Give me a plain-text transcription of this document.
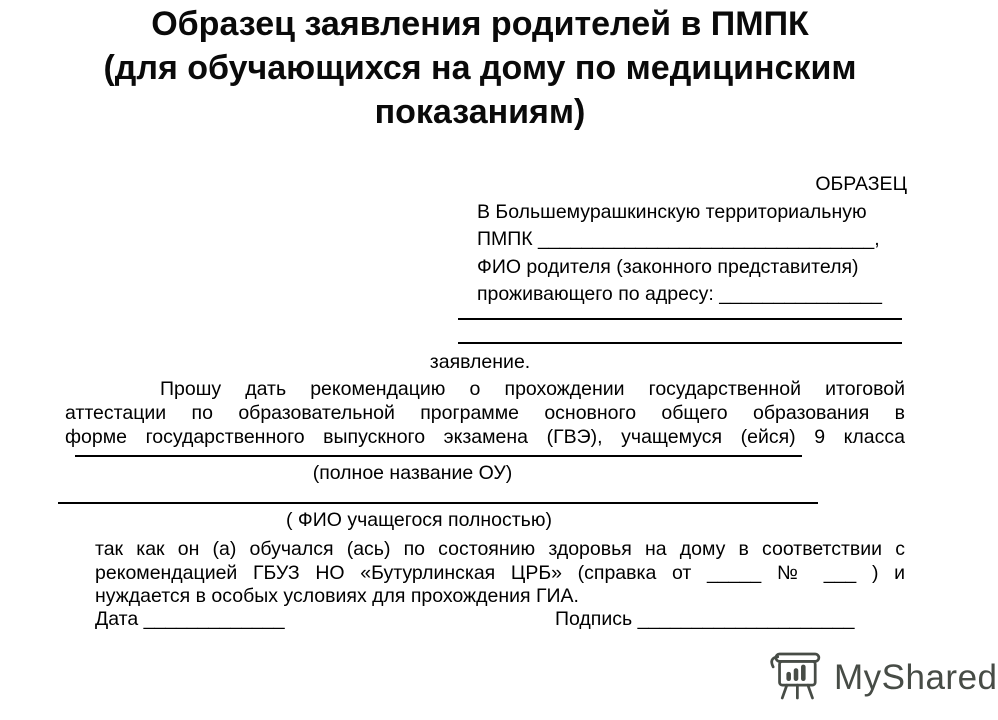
Образец заявления родителей в ПМПК
(для обучающихся на дому по медицинским
показаниям)
ОБРАЗЕЦ
В Большемурашкинскую территориальную
ПМПК _______________________________,
ФИО родителя (законного представителя)
проживающего по адресу: _______________
заявление.
Прошу дать рекомендацию о прохождении государственной итоговой
аттестации по образовательной программе основного общего образования в
форме государственного выпускного экзамена (ГВЭ), учащемуся (ейся) 9 класса
(полное название ОУ)
( ФИО учащегося полностью)
так как он (а) обучался (ась) по состоянию здоровья на дому в соответствии с
рекомендацией ГБУЗ НО «Бутурлинская ЦРБ» (справка от _____ № ___ ) и
нуждается в особых условиях для прохождения ГИА.
Дата _____________	Подпись ____________________
MyShared
